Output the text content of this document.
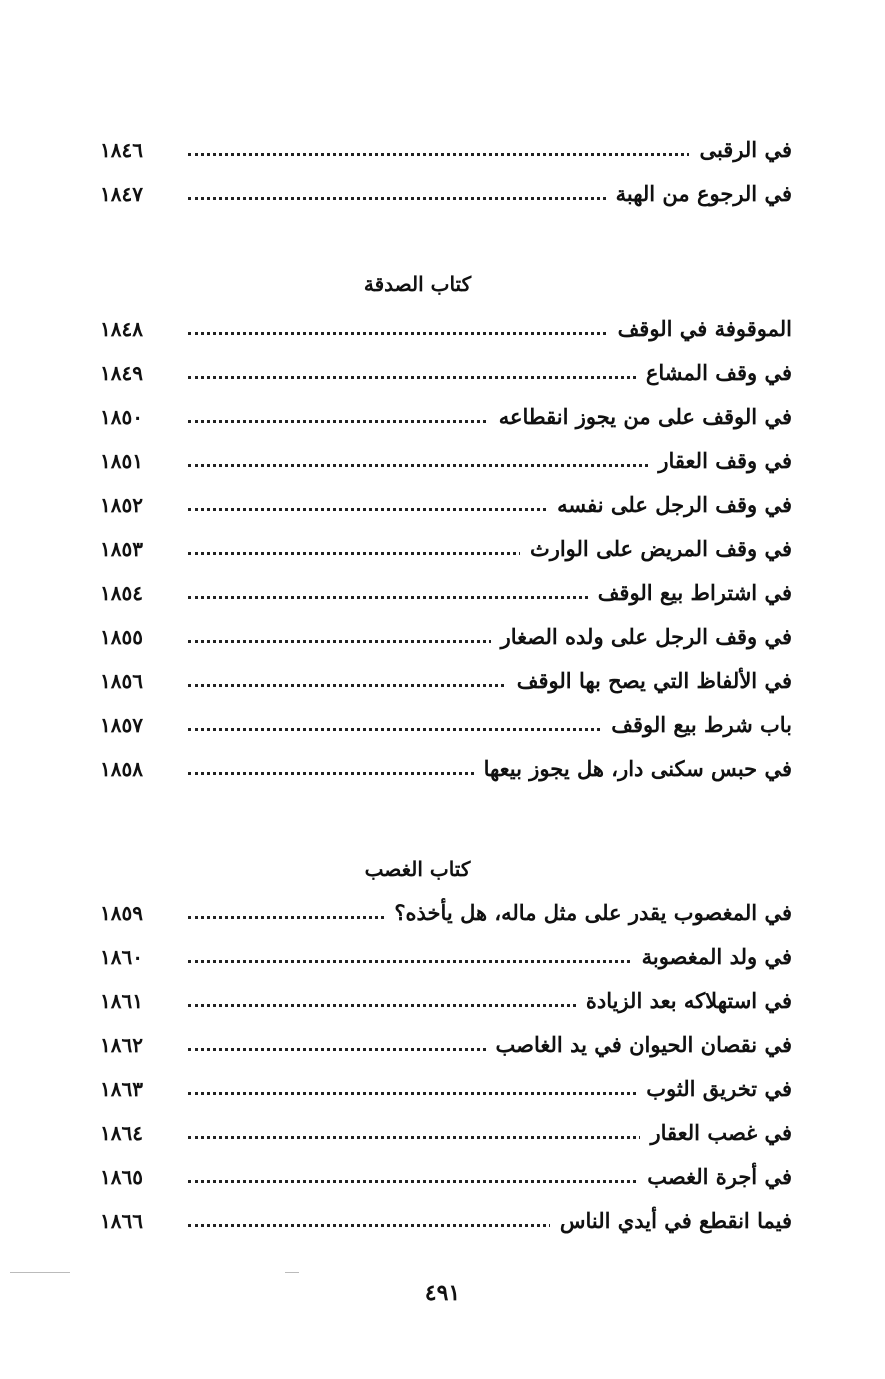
في الرقبى
١٨٤٦
في الرجوع من الهبة
١٨٤٧
كتاب الصدقة
الموقوفة في الوقف
١٨٤٨
في وقف المشاع
١٨٤٩
في الوقف على من يجوز انقطاعه
١٨٥٠
في وقف العقار
١٨٥١
في وقف الرجل على نفسه
١٨٥٢
في وقف المريض على الوارث
١٨٥٣
في اشتراط بيع الوقف
١٨٥٤
في وقف الرجل على ولده الصغار
١٨٥٥
في الألفاظ التي يصح بها الوقف
١٨٥٦
باب شرط بيع الوقف
١٨٥٧
في حبس سكنى دار، هل يجوز بيعها
١٨٥٨
كتاب الغصب
في المغصوب يقدر على مثل ماله، هل يأخذه؟
١٨٥٩
في ولد المغصوبة
١٨٦٠
في استهلاكه بعد الزيادة
١٨٦١
في نقصان الحيوان في يد الغاصب
١٨٦٢
في تخريق الثوب
١٨٦٣
في غصب العقار
١٨٦٤
في أجرة الغصب
١٨٦٥
فيما انقطع في أيدي الناس
١٨٦٦
٤٩١
